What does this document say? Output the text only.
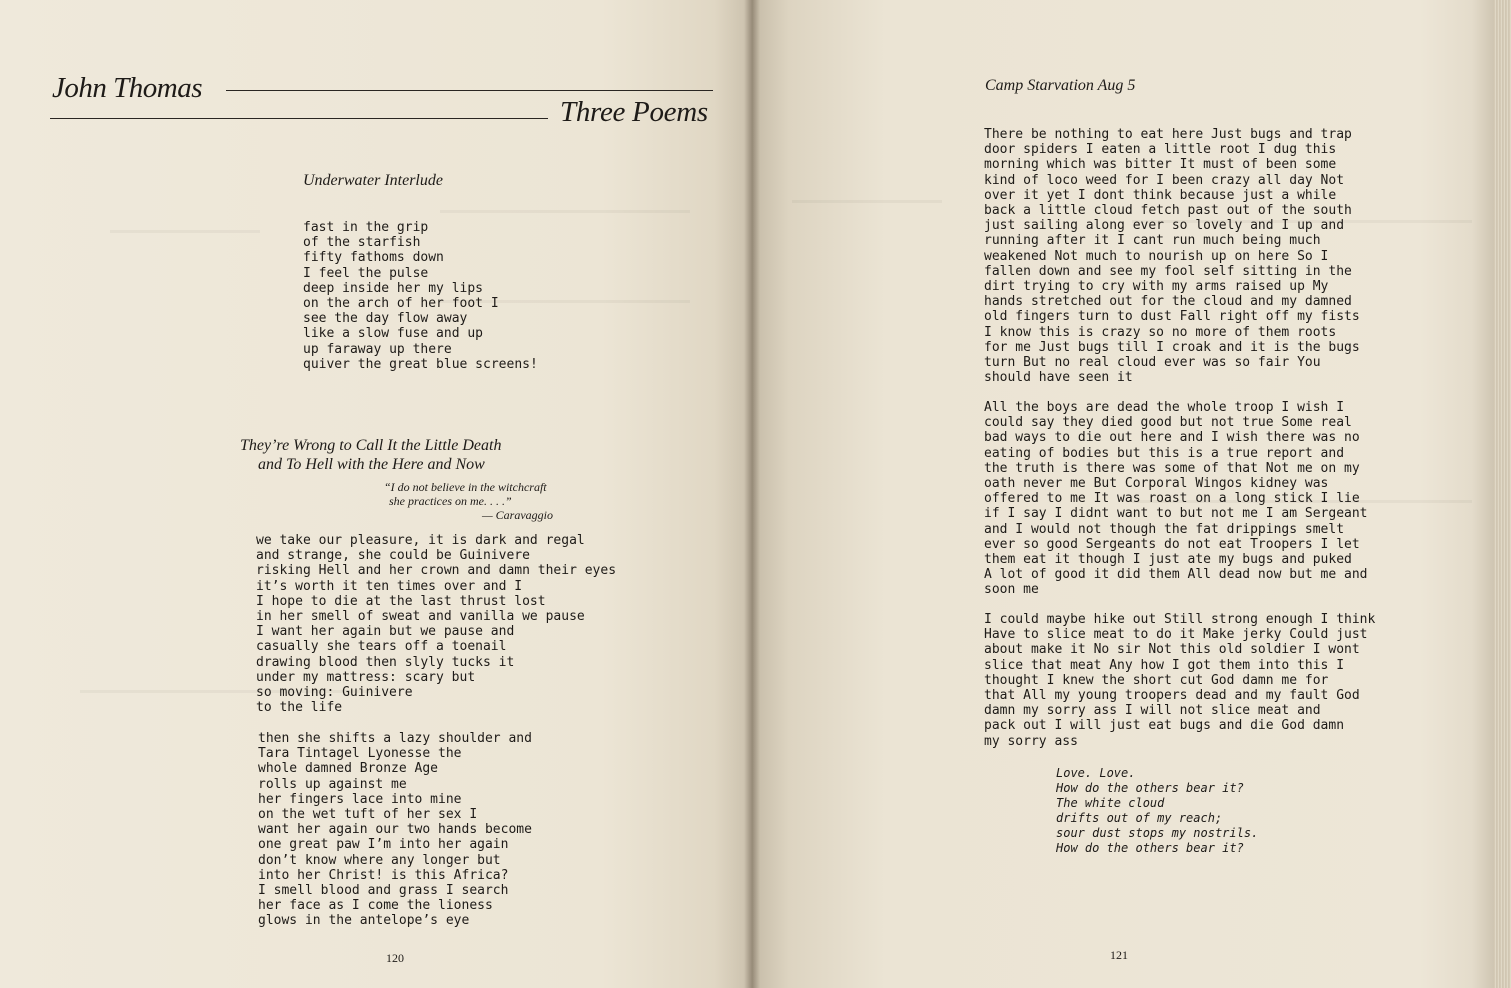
John Thomas
Three Poems
Underwater Interlude
fast in the grip
of the starfish
fifty fathoms down
I feel the pulse
deep inside her my lips
on the arch of her foot I
see the day flow away
like a slow fuse and up
up faraway up there
quiver the great blue screens!
They’re Wrong to Call It the Little Death
and To Hell with the Here and Now
“I do not believe in the witchcraft
she practices on me. . . .”
— Caravaggio
we take our pleasure, it is dark and regal
and strange, she could be Guinivere
risking Hell and her crown and damn their eyes
it’s worth it ten times over and I
I hope to die at the last thrust lost
in her smell of sweat and vanilla we pause
I want her again but we pause and
casually she tears off a toenail
drawing blood then slyly tucks it
under my mattress: scary but
so moving: Guinivere
to the life
then she shifts a lazy shoulder and
Tara Tintagel Lyonesse the
whole damned Bronze Age
rolls up against me
her fingers lace into mine
on the wet tuft of her sex I
want her again our two hands become
one great paw I’m into her again
don’t know where any longer but
into her Christ! is this Africa?
I smell blood and grass I search
her face as I come the lioness
glows in the antelope’s eye
120
Camp Starvation Aug 5
There be nothing to eat here Just bugs
door spiders I eaten a little root I
morning which was bitter It must of
kind of loco weed for I been crazy all
over it yet I dont think because just
back a little cloud fetch past out of
just sailing along ever so lovely and
running after it I cant run much being
weakened Not much to nourish up on here
fallen down and see my fool self sitting
dirt trying to cry with my arms raised
hands stretched out for the cloud and
old fingers turn to dust Fall right
I know this is crazy so no more of them
for me Just bugs till I croak and it
turn But no real cloud ever was so fair
should have seen it
All the boys are dead the whole troop
could say they died good but not true
bad ways to die out here and I wish
eating of bodies but this is a true
the truth is there was some of that
oath never me But Corporal Wingos kidney
offered to me It was roast on a long
if I say I didnt want to but not me I
and I would not though the fat drippings
ever so good Sergeants do not eat
them eat it though I just ate my bugs
A lot of good it did them All dead now
soon me
I could maybe hike out Still strong
Have to slice meat to do it Make jerky
about make it No sir Not this old
slice that meat Any how I got them into
thought I knew the short cut God damn
that All my young troopers dead and my
damn my sorry ass I will not slice meat
pack out I will just eat bugs and die
my sorry ass
Love. Love.
How do the others bear it?
The white cloud
drifts out of my reach;
sour dust stops my nostrils.
How do the others bear it?
121
